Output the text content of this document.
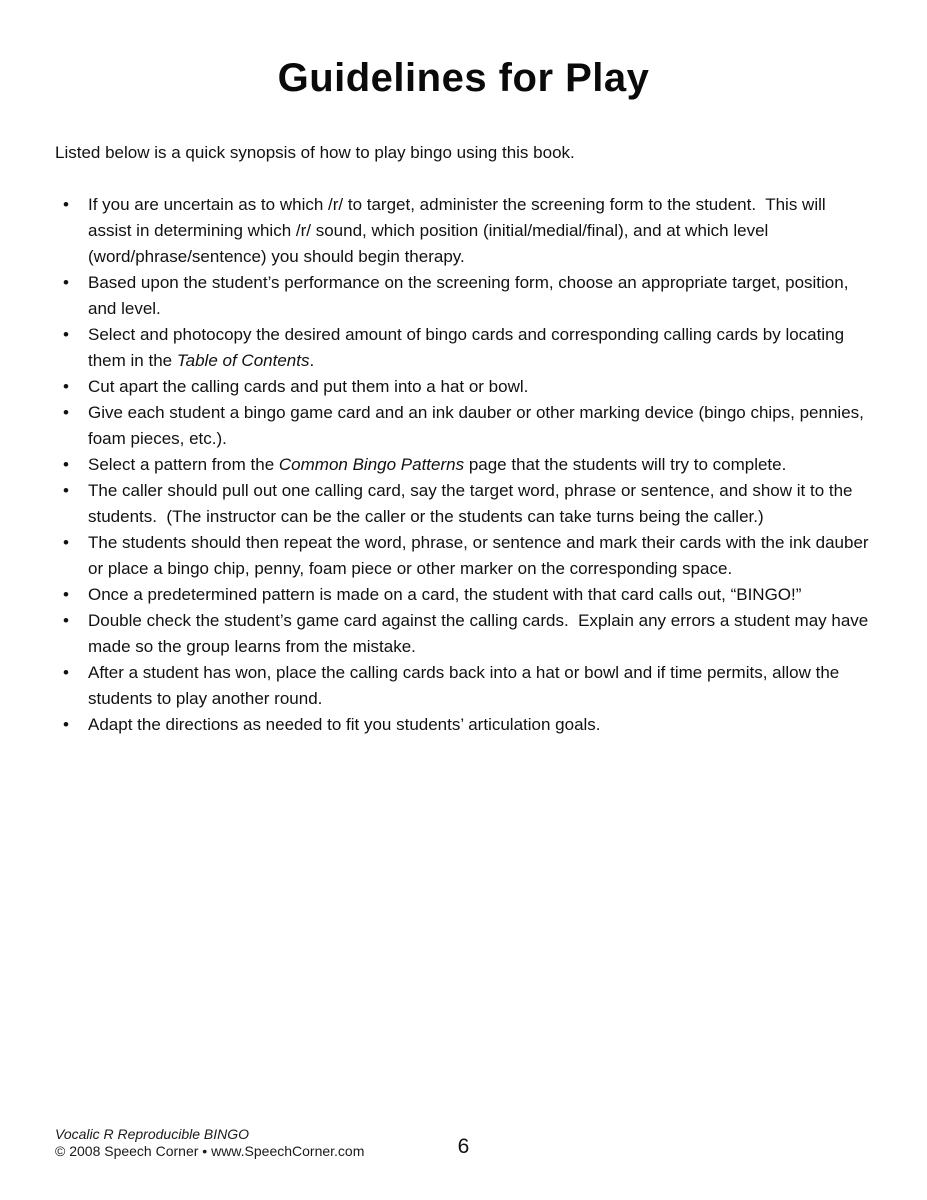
Guidelines for Play

Listed below is a quick synopsis of how to play bingo using this book.

• If you are uncertain as to which /r/ to target, administer the screening form to the student.  This will assist in determining which /r/ sound, which position (initial/medial/final), and at which level (word/phrase/sentence) you should begin therapy.
• Based upon the student’s performance on the screening form, choose an appropriate target, position, and level.
• Select and photocopy the desired amount of bingo cards and corresponding calling cards by locating them in the Table of Contents.
• Cut apart the calling cards and put them into a hat or bowl.
• Give each student a bingo game card and an ink dauber or other marking device (bingo chips, pennies, foam pieces, etc.).
• Select a pattern from the Common Bingo Patterns page that the students will try to complete.
• The caller should pull out one calling card, say the target word, phrase or sentence, and show it to the students.  (The instructor can be the caller or the students can take turns being the caller.)
• The students should then repeat the word, phrase, or sentence and mark their cards with the ink dauber or place a bingo chip, penny, foam piece or other marker on the corresponding space.
• Once a predetermined pattern is made on a card, the student with that card calls out, “BINGO!”
• Double check the student’s game card against the calling cards.  Explain any errors a student may have made so the group learns from the mistake.
• After a student has won, place the calling cards back into a hat or bowl and if time permits, allow the students to play another round.
• Adapt the directions as needed to fit you students’ articulation goals.
Vocalic R Reproducible BINGO
© 2008 Speech Corner • www.SpeechCorner.com	6
